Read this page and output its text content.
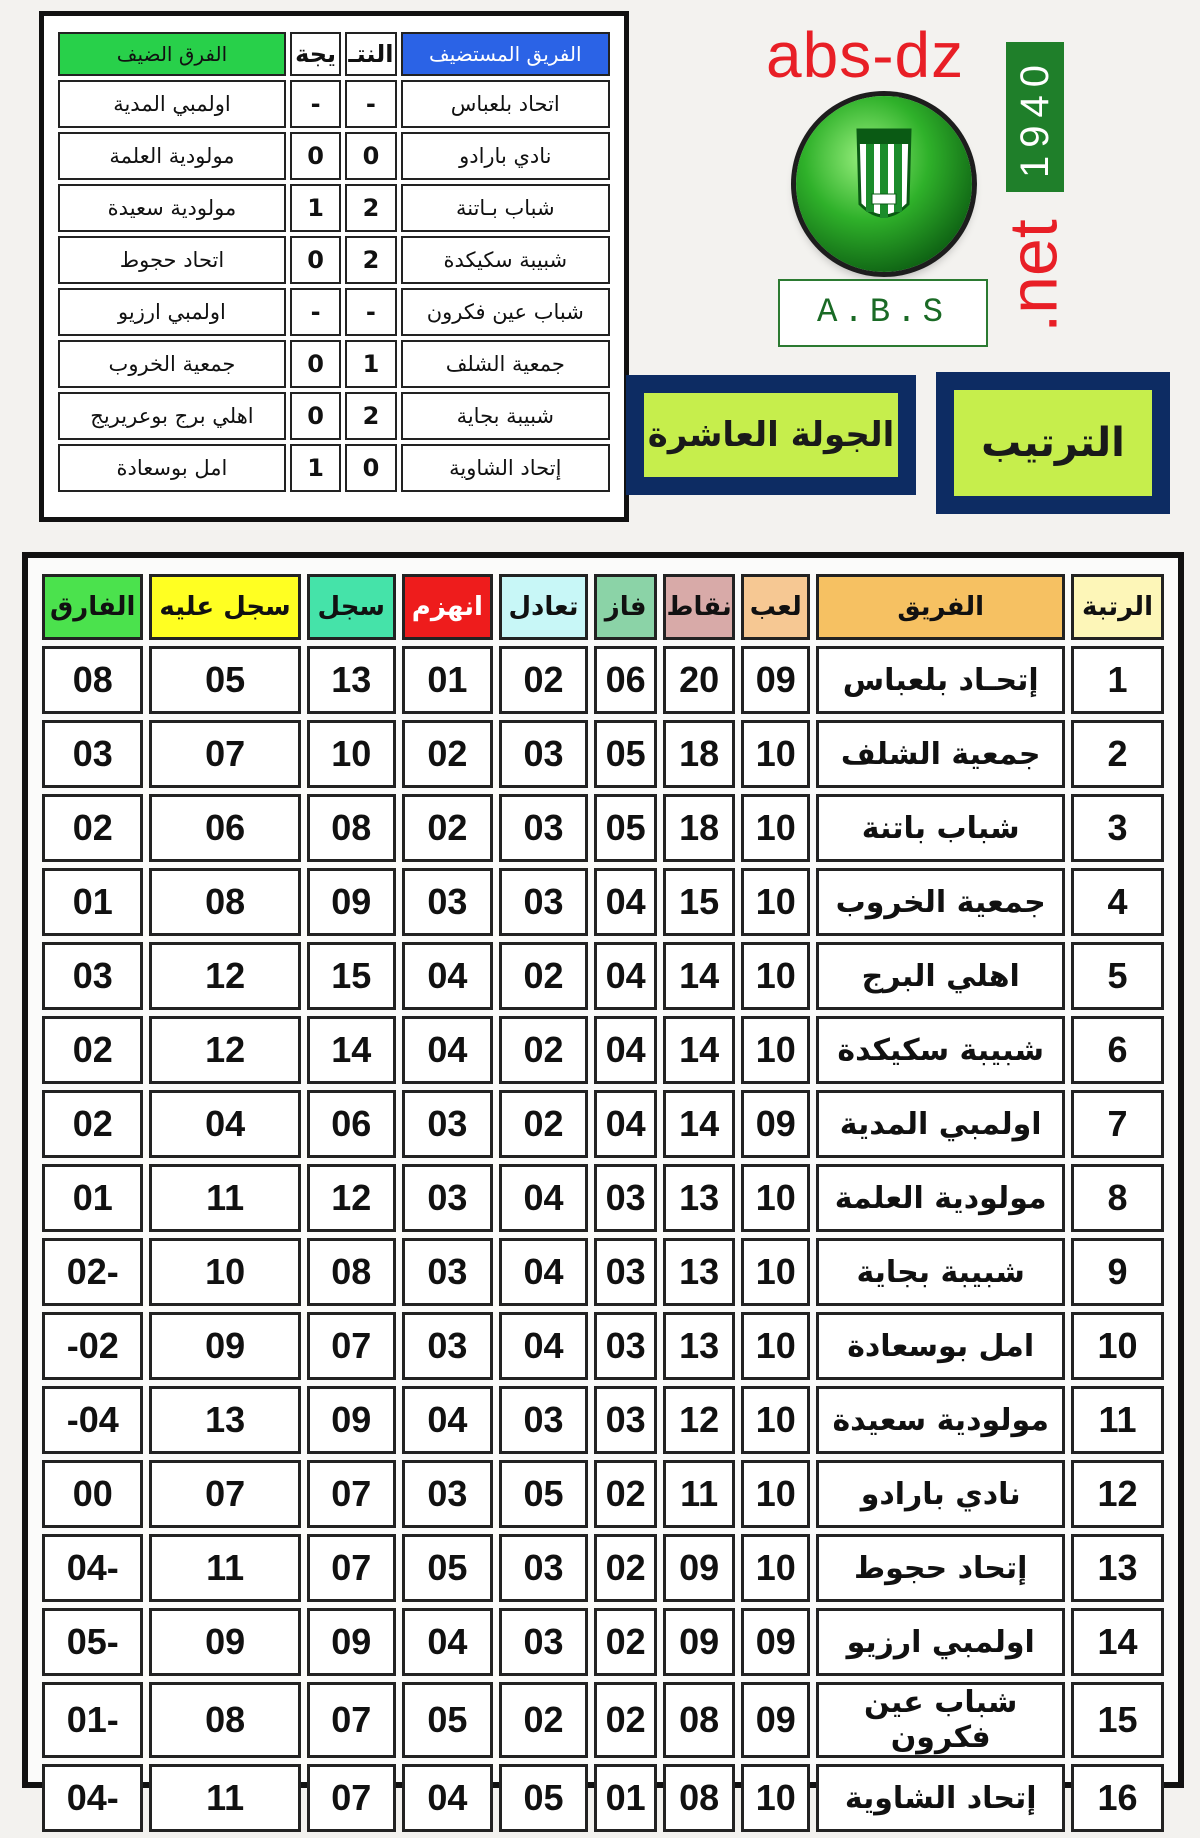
الفريق المستضيف	النتـ	يجة	الفرق الضيف
اتحاد بلعباس	-	-	اولمبي المدية
نادي بارادو	0	0	مولودية العلمة
شباب بـاتنة	2	1	مولودية سعيدة
شبيبة سكيكدة	2	0	اتحاد حجوط
شباب عين فكرون	-	-	اولمبي ارزيو
جمعية الشلف	1	0	جمعية الخروب
شبيبة بجاية	2	0	اهلي برج بوعريريج
إتحاد الشاوية	0	1	امل بوسعادة
abs-dz
1940
.net
A.B.S
الجولة العاشرة الترتيب
الرتبة	الفريق	لعب	نقاط	فاز	تعادل	انهزم	سجل	سجل عليه	الفارق
1	إتحـاد بلعباس	09	20	06	02	01	13	05	08
2	جمعية الشلف	10	18	05	03	02	10	07	03
3	شباب باتنة	10	18	05	03	02	08	06	02
4	جمعية الخروب	10	15	04	03	03	09	08	01
5	اهلي البرج	10	14	04	02	04	15	12	03
6	شبيبة سكيكدة	10	14	04	02	04	14	12	02
7	اولمبي المدية	09	14	04	02	03	06	04	02
8	مولودية العلمة	10	13	03	04	03	12	11	01
9	شبيبة بجاية	10	13	03	04	03	08	10	-02
10	امل بوسعادة	10	13	03	04	03	07	09	02-
11	مولودية سعيدة	10	12	03	03	04	09	13	04-
12	نادي بارادو	10	11	02	05	03	07	07	00
13	إتحاد حجوط	10	09	02	03	05	07	11	-04
14	اولمبي ارزيو	09	09	02	03	04	09	09	-05
15	شباب عين فكرون	09	08	02	02	05	07	08	-01
16	إتحاد الشاوية	10	08	01	05	04	07	11	-04
